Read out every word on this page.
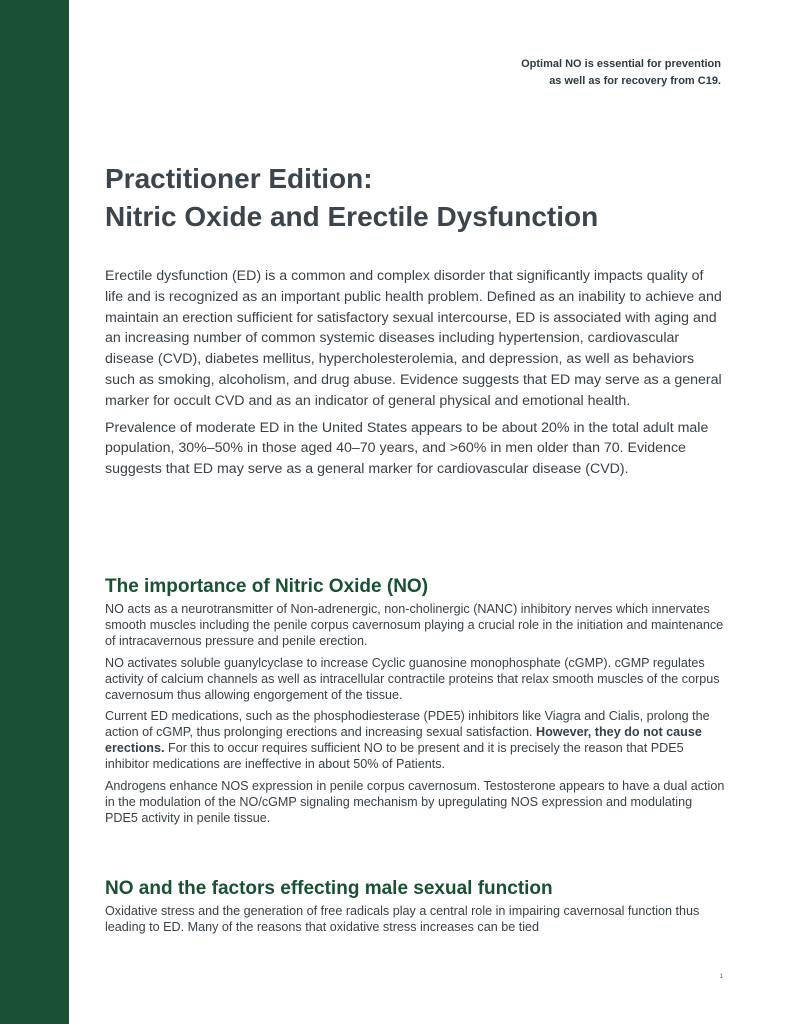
Optimal NO is essential for prevention
as well as for recovery from C19.
Practitioner Edition:
Nitric Oxide and Erectile Dysfunction

Erectile dysfunction (ED) is a common and complex disorder that significantly impacts quality of life and is recognized as an important public health problem. Defined as an inability to achieve and maintain an erection sufficient for satisfactory sexual intercourse, ED is associated with aging and an increasing number of common systemic diseases including hypertension, cardiovascular disease (CVD), diabetes mellitus, hypercholesterolemia, and depression, as well as behaviors such as smoking, alcoholism, and drug abuse. Evidence suggests that ED may serve as a general marker for occult CVD and as an indicator of general physical and emotional health.

Prevalence of moderate ED in the United States appears to be about 20% in the total adult male population, 30%–50% in those aged 40–70 years, and >60% in men older than 70. Evidence suggests that ED may serve as a general marker for cardiovascular disease (CVD).

The importance of Nitric Oxide (NO)

NO acts as a neurotransmitter of Non-adrenergic, non-cholinergic (NANC) inhibitory nerves which innervates smooth muscles including the penile corpus cavernosum playing a crucial role in the initiation and maintenance of intracavernous pressure and penile erection.

NO activates soluble guanylcyclase to increase Cyclic guanosine monophosphate (cGMP). cGMP regulates activity of calcium channels as well as intracellular contractile proteins that relax smooth muscles of the corpus cavernosum thus allowing engorgement of the tissue.

Current ED medications, such as the phosphodiesterase (PDE5) inhibitors like Viagra and Cialis, prolong the action of cGMP, thus prolonging erections and increasing sexual satisfaction. However, they do not cause erections. For this to occur requires sufficient NO to be present and it is precisely the reason that PDE5 inhibitor medications are ineffective in about 50% of Patients.

Androgens enhance NOS expression in penile corpus cavernosum. Testosterone appears to have a dual action in the modulation of the NO/cGMP signaling mechanism by upregulating NOS expression and modulating PDE5 activity in penile tissue.

NO and the factors effecting male sexual function

Oxidative stress and the generation of free radicals play a central role in impairing cavernosal function thus leading to ED. Many of the reasons that oxidative stress increases can be tied

1
